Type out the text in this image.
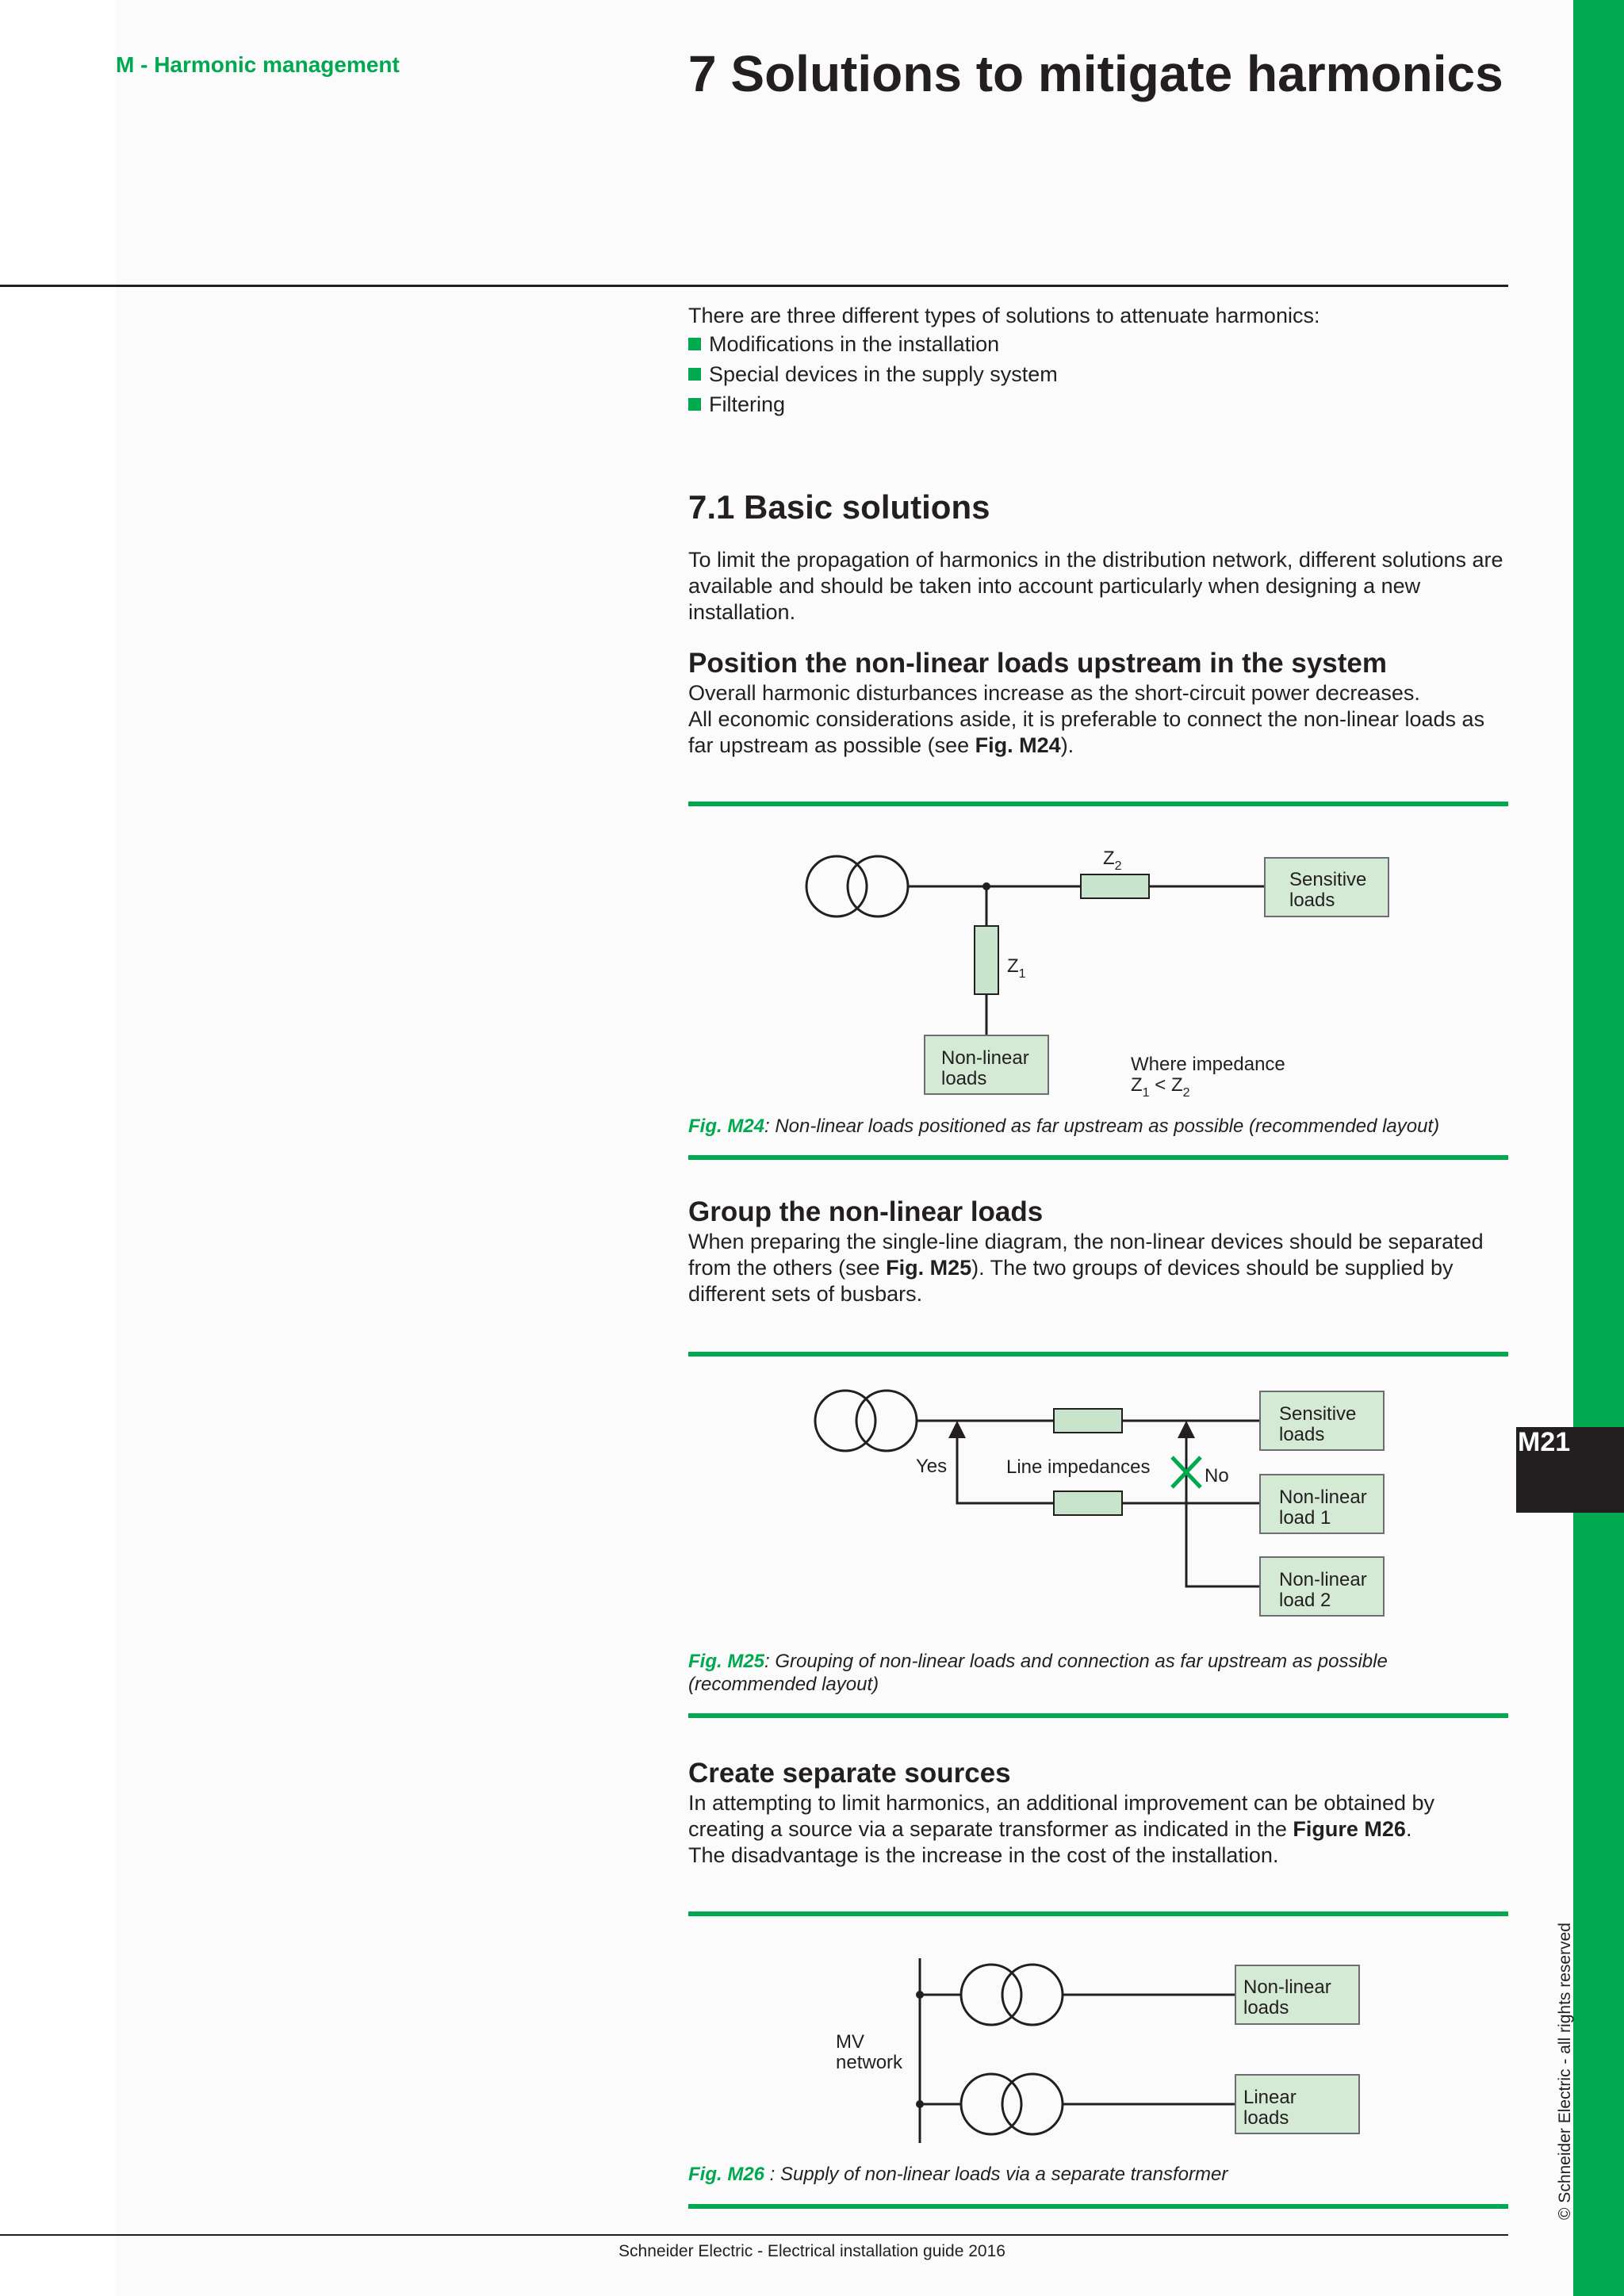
M21
© Schneider Electric - all rights reserved
M - Harmonic management	7 Solutions to mitigate harmonics

There are three different types of solutions to attenuate harmonics:

Modifications in the installation
Special devices in the supply system
Filtering
7.1 Basic solutions

To limit the propagation of harmonics in the distribution network, different solutions are available and should be taken into account particularly when designing a new installation.

Position the non-linear loads upstream in the system

Overall harmonic disturbances increase as the short-circuit power decreases.

All economic considerations aside, it is preferable to connect the non-linear loads as far upstream as possible (see Fig. M24).

$Z_2$
$Z_1$
Sensitive
loads
Non-linear
loads
Where impedance
$Z_1 < Z_2$
Fig. M24: Non-linear loads positioned as far upstream as possible (recommended layout)
Group the non-linear loads

When preparing the single-line diagram, the non-linear devices should be separated from the others (see Fig. M25). The two groups of devices should be supplied by different sets of busbars.

Yes	No
Line impedances
Sensitive
loads
Non-linear
load 1
Non-linear
load 2
Fig. M25: Grouping of non-linear loads and connection as far upstream as possible (recommended layout)
Create separate sources

In attempting to limit harmonics, an additional improvement can be obtained by creating a source via a separate transformer as indicated in the Figure M26.

The disadvantage is the increase in the cost of the installation.

MV
network
Non-linear
loads
Linear
loads
Fig. M26 : Supply of non-linear loads via a separate transformer
Schneider Electric - Electrical installation guide 2016
